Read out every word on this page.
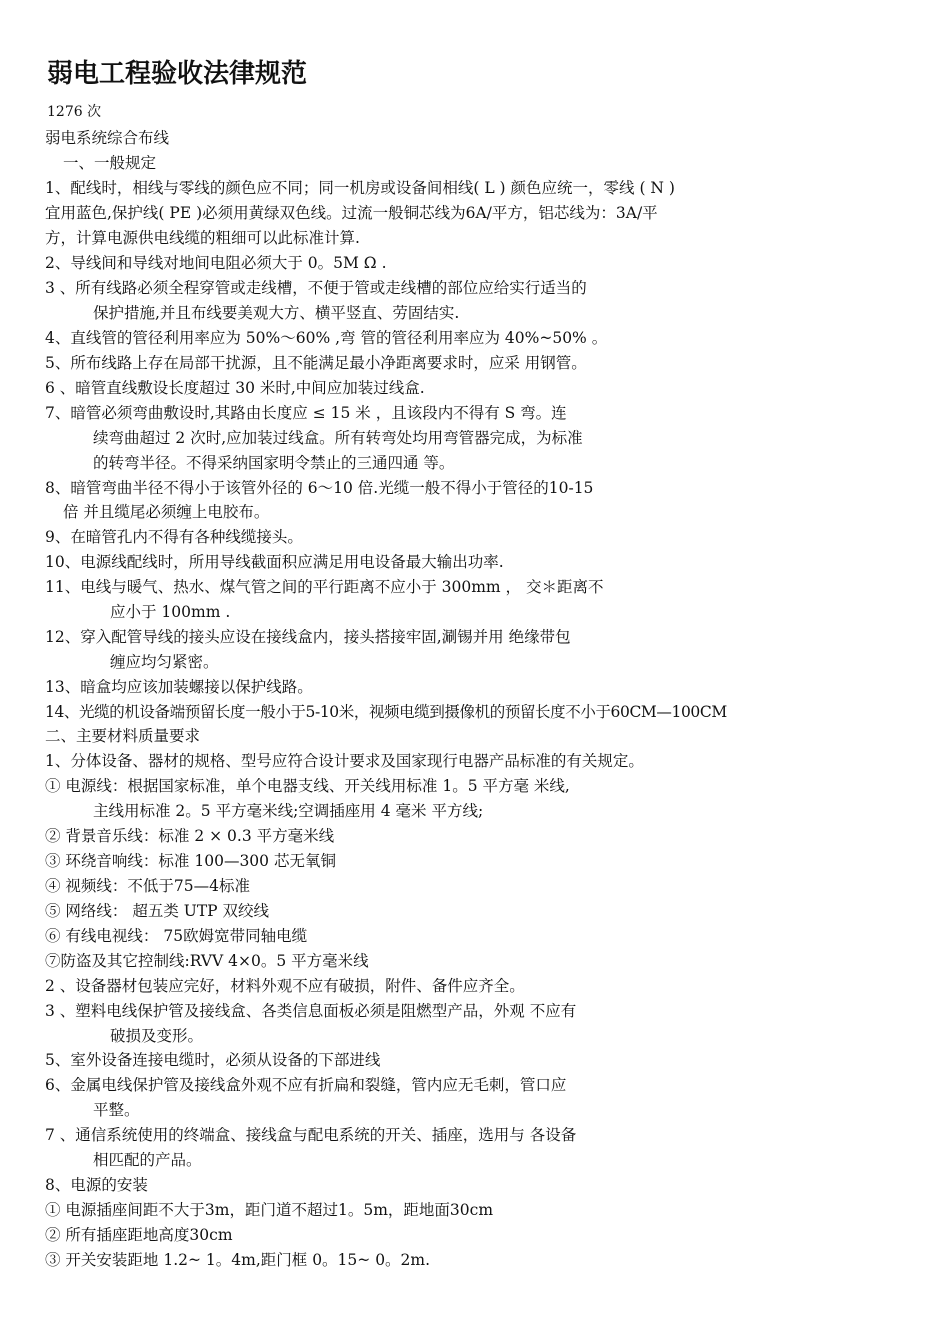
弱电工程验收法律规范
1276 次
弱电系统综合布线
一、一般规定
1、配线时，相线与零线的颜色应不同；同一机房或设备间相线( L ) 颜色应统一，零线 ( N )
宜用蓝色,保护线( PE )必须用黄绿双色线。过流一般铜芯线为6A/平方，铝芯线为：3A/平
方，计算电源供电线缆的粗细可以此标准计算.
2、导线间和导线对地间电阻必须大于 0。5M Ω .
3 、所有线路必须全程穿管或走线槽，不便于管或走线槽的部位应给实行适当的
保护措施,并且布线要美观大方、横平竖直、劳固结实.
4、直线管的管径利用率应为 50%～60% ,弯 管的管径利用率应为 40%~50% 。
5、所布线路上存在局部干扰源，且不能满足最小净距离要求时，应采 用钢管。
6 、暗管直线敷设长度超过 30 米时,中间应加装过线盒.
7、暗管必须弯曲敷设时,其路由长度应 ≤ 15 米 ，且该段内不得有 S 弯。连
续弯曲超过 2 次时,应加装过线盒。所有转弯处均用弯管器完成，为标准
的转弯半径。不得采纳国家明令禁止的三通四通 等。
8、暗管弯曲半径不得小于该管外径的 6～10 倍.光缆一般不得小于管径的10-15
倍 并且缆尾必须缠上电胶布。
9、在暗管孔内不得有各种线缆接头。
10、电源线配线时，所用导线截面积应满足用电设备最大输出功率.
11、电线与暖气、热水、煤气管之间的平行距离不应小于 300mm ， 交＊距离不
应小于 100mm .
12、穿入配管导线的接头应设在接线盒内，接头搭接牢固,涮锡并用 绝缘带包
缠应均匀紧密。
13、暗盒均应该加装螺接以保护线路。
14、光缆的机设备端预留长度一般小于5-10米，视频电缆到摄像机的预留长度不小于60CM—100CM
二、主要材料质量要求
1、分体设备、器材的规格、型号应符合设计要求及国家现行电器产品标准的有关规定。
① 电源线：根据国家标准，单个电器支线、开关线用标准 1。5 平方毫 米线,
主线用标准 2。5 平方毫米线;空调插座用 4 毫米 平方线;
② 背景音乐线：标准 2 × 0.3 平方毫米线
③ 环绕音响线：标准 100—300 芯无氧铜
④ 视频线：不低于75—4标准
⑤ 网络线： 超五类 UTP 双绞线
⑥ 有线电视线： 75欧姆宽带同轴电缆
⑦防盗及其它控制线:RVV 4×0。5 平方毫米线
2 、设备器材包装应完好，材料外观不应有破损，附件、备件应齐全。
3 、塑料电线保护管及接线盒、各类信息面板必须是阻燃型产品，外观 不应有
破损及变形。
5、室外设备连接电缆时，必须从设备的下部进线
6、金属电线保护管及接线盒外观不应有折扁和裂缝，管内应无毛刺，管口应
平整。
7 、通信系统使用的终端盒、接线盒与配电系统的开关、插座，选用与 各设备
相匹配的产品。
8、电源的安装
① 电源插座间距不大于3m，距门道不超过1。5m，距地面30cm
② 所有插座距地高度30cm
③ 开关安装距地 1.2~ 1。4m,距门框 0。15~ 0。2m.
